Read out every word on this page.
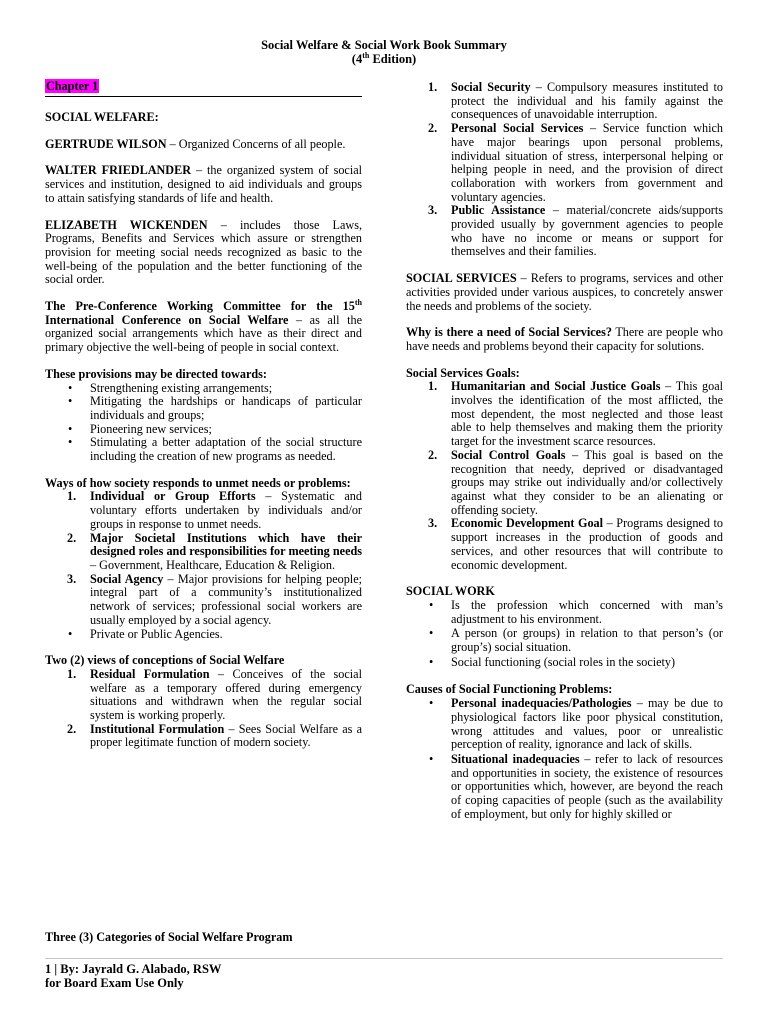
Social Welfare & Social Work Book Summary
(4th Edition)
Chapter 1

SOCIAL WELFARE:

GERTRUDE WILSON – Organized Concerns of all people.

WALTER FRIEDLANDER – the organized system of social services and institution, designed to aid individuals and groups to attain satisfying standards of life and health.

ELIZABETH WICKENDEN – includes those Laws, Programs, Benefits and Services which assure or strengthen provision for meeting social needs recognized as basic to the well-being of the population and the better functioning of the social order.

The Pre-Conference Working Committee for the 15th International Conference on Social Welfare – as all the organized social arrangements which have as their direct and primary objective the well-being of people in social context.

These provisions may be directed towards:

• Strengthening existing arrangements;
• Mitigating the hardships or handicaps of particular individuals and groups;
• Pioneering new services;
• Stimulating a better adaptation of the social structure including the creation of new programs as needed.

Ways of how society responds to unmet needs or problems:

1. Individual or Group Efforts – Systematic and voluntary efforts undertaken by individuals and/or groups in response to unmet needs.
2. Major Societal Institutions which have their designed roles and responsibilities for meeting needs – Government, Healthcare, Education & Religion.
3. Social Agency – Major provisions for helping people; integral part of a community’s institutionalized network of services; professional social workers are usually employed by a social agency.
• Private or Public Agencies.

Two (2) views of conceptions of Social Welfare

1. Residual Formulation – Conceives of the social welfare as a temporary offered during emergency situations and withdrawn when the regular social system is working properly.
2. Institutional Formulation – Sees Social Welfare as a proper legitimate function of modern society.

Three (3) Categories of Social Welfare Program

1. Social Security – Compulsory measures instituted to protect the individual and his family against the consequences of unavoidable interruption.
2. Personal Social Services – Service function which have major bearings upon personal problems, individual situation of stress, interpersonal helping or helping people in need, and the provision of direct collaboration with workers from government and voluntary agencies.
3. Public Assistance – material/concrete aids/supports provided usually by government agencies to people who have no income or means or support for themselves and their families.

SOCIAL SERVICES – Refers to programs, services and other activities provided under various auspices, to concretely answer the needs and problems of the society.

Why is there a need of Social Services? There are people who have needs and problems beyond their capacity for solutions.

Social Services Goals:

1. Humanitarian and Social Justice Goals – This goal involves the identification of the most afflicted, the most dependent, the most neglected and those least able to help themselves and making them the priority target for the investment scarce resources.
2. Social Control Goals – This goal is based on the recognition that needy, deprived or disadvantaged groups may strike out individually and/or collectively against what they consider to be an alienating or offending society.
3. Economic Development Goal – Programs designed to support increases in the production of goods and services, and other resources that will contribute to economic development.

SOCIAL WORK

• Is the profession which concerned with man’s adjustment to his environment.
• A person (or groups) in relation to that person’s (or group’s) social situation.
• Social functioning (social roles in the society)

Causes of Social Functioning Problems:

• Personal inadequacies/Pathologies – may be due to physiological factors like poor physical constitution, wrong attitudes and values, poor or unrealistic perception of reality, ignorance and lack of skills.
• Situational inadequacies – refer to lack of resources and opportunities in society, the existence of resources or opportunities which, however, are beyond the reach of coping capacities of people (such as the availability of employment, but only for highly skilled or
1 | By: Jayrald G. Alabado, RSW
for Board Exam Use Only
